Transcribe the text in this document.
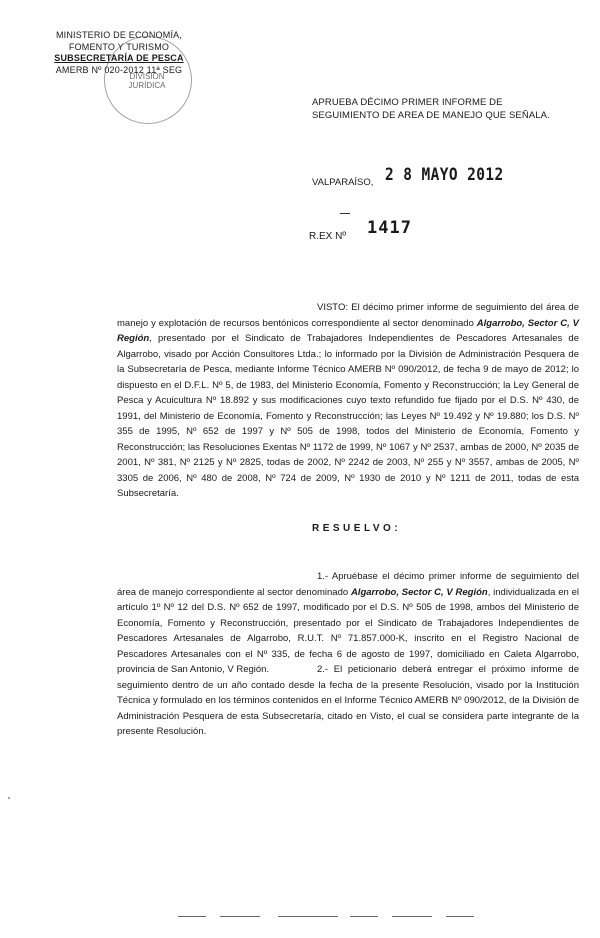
MINISTERIO DE ECONOMÍA,
FOMENTO Y TURISMO
SUBSECRETARÍA DE PESCA
AMERB Nº 020-2012 11ª SEG
DIVISIÓN
JURÍDICA
APRUEBA DÉCIMO PRIMER INFORME DE SEGUIMIENTO DE AREA DE MANEJO QUE SEÑALA.
VALPARAÍSO, 2 8 MAYO 2012
R.EX Nº 1417
VISTO: El décimo primer informe de seguimiento del área de manejo y explotación de recursos bentónicos correspondiente al sector denominado Algarrobo, Sector C, V Región, presentado por el Sindicato de Trabajadores Independientes de Pescadores Artesanales de Algarrobo, visado por Acción Consultores Ltda.; lo informado por la División de Administración Pesquera de la Subsecretaría de Pesca, mediante Informe Técnico AMERB Nº 090/2012, de fecha 9 de mayo de 2012; lo dispuesto en el D.F.L. Nº 5, de 1983, del Ministerio Economía, Fomento y Reconstrucción; la Ley General de Pesca y Acuicultura Nº 18.892 y sus modificaciones cuyo texto refundido fue fijado por el D.S. Nº 430, de 1991, del Ministerio de Economía, Fomento y Reconstrucción; las Leyes Nº 19.492 y Nº 19.880; los D.S. Nº 355 de 1995, Nº 652 de 1997 y Nº 505 de 1998, todos del Ministerio de Economía, Fomento y Reconstrucción; las Resoluciones Exentas Nº 1172 de 1999, Nº 1067 y Nº 2537, ambas de 2000, Nº 2035 de 2001, Nº 381, Nº 2125 y Nº 2825, todas de 2002, Nº 2242 de 2003, Nº 255 y Nº 3557, ambas de 2005, Nº 3305 de 2006, Nº 480 de 2008, Nº 724 de 2009, Nº 1930 de 2010 y Nº 1211 de 2011, todas de esta Subsecretaría.
RESUELVO:
1.- Apruébase el décimo primer informe de seguimiento del área de manejo correspondiente al sector denominado Algarrobo, Sector C, V Región, individualizada en el artículo 1º Nº 12 del D.S. Nº 652 de 1997, modificado por el D.S. Nº 505 de 1998, ambos del Ministerio de Economía, Fomento y Reconstrucción, presentado por el Sindicato de Trabajadores Independientes de Pescadores Artesanales de Algarrobo, R.U.T. Nº 71.857.000-K, inscrito en el Registro Nacional de Pescadores Artesanales con el Nº 335, de fecha 6 de agosto de 1997, domiciliado en Caleta Algarrobo, provincia de San Antonio, V Región.	2.- El peticionario deberá entregar el próximo informe de seguimiento dentro de un año contado desde la fecha de la presente Resolución, visado por la Institución Técnica y formulado en los términos contenidos en el Informe Técnico AMERB Nº 090/2012, de la División de Administración Pesquera de esta Subsecretaría, citado en Visto, el cual se considera parte integrante de la presente Resolución.
